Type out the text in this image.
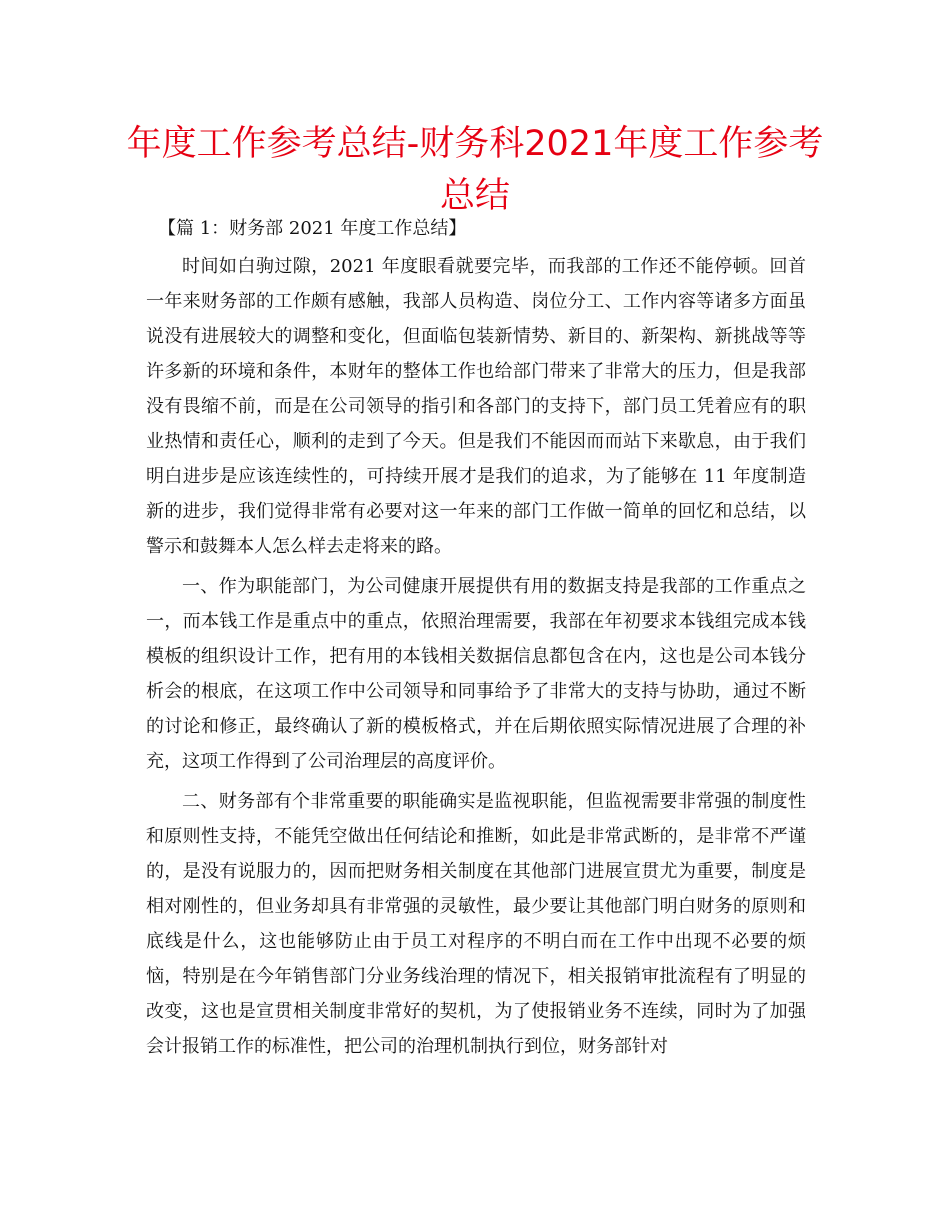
年度工作参考总结-财务科2021年度工作参考总结

【篇 1：财务部 2021 年度工作总结】

时间如白驹过隙，2021 年度眼看就要完毕，而我部的工作还不能停顿。回首一年来财务部的工作颇有感触，我部人员构造、岗位分工、工作内容等诸多方面虽说没有进展较大的调整和变化，但面临包装新情势、新目的、新架构、新挑战等等许多新的环境和条件，本财年的整体工作也给部门带来了非常大的压力，但是我部没有畏缩不前，而是在公司领导的指引和各部门的支持下，部门员工凭着应有的职业热情和责任心，顺利的走到了今天。但是我们不能因而而站下来歇息，由于我们明白进步是应该连续性的，可持续开展才是我们的追求，为了能够在 11 年度制造新的进步，我们觉得非常有必要对这一年来的部门工作做一简单的回忆和总结，以警示和鼓舞本人怎么样去走将来的路。

一、作为职能部门，为公司健康开展提供有用的数据支持是我部的工作重点之一，而本钱工作是重点中的重点，依照治理需要，我部在年初要求本钱组完成本钱模板的组织设计工作，把有用的本钱相关数据信息都包含在内，这也是公司本钱分析会的根底，在这项工作中公司领导和同事给予了非常大的支持与协助，通过不断的讨论和修正，最终确认了新的模板格式，并在后期依照实际情况进展了合理的补充，这项工作得到了公司治理层的高度评价。

二、财务部有个非常重要的职能确实是监视职能，但监视需要非常强的制度性和原则性支持，不能凭空做出任何结论和推断，如此是非常武断的，是非常不严谨的，是没有说服力的，因而把财务相关制度在其他部门进展宣贯尤为重要，制度是相对刚性的，但业务却具有非常强的灵敏性，最少要让其他部门明白财务的原则和底线是什么，这也能够防止由于员工对程序的不明白而在工作中出现不必要的烦恼，特别是在今年销售部门分业务线治理的情况下，相关报销审批流程有了明显的改变，这也是宣贯相关制度非常好的契机，为了使报销业务不连续，同时为了加强会计报销工作的标准性，把公司的治理机制执行到位，财务部针对
